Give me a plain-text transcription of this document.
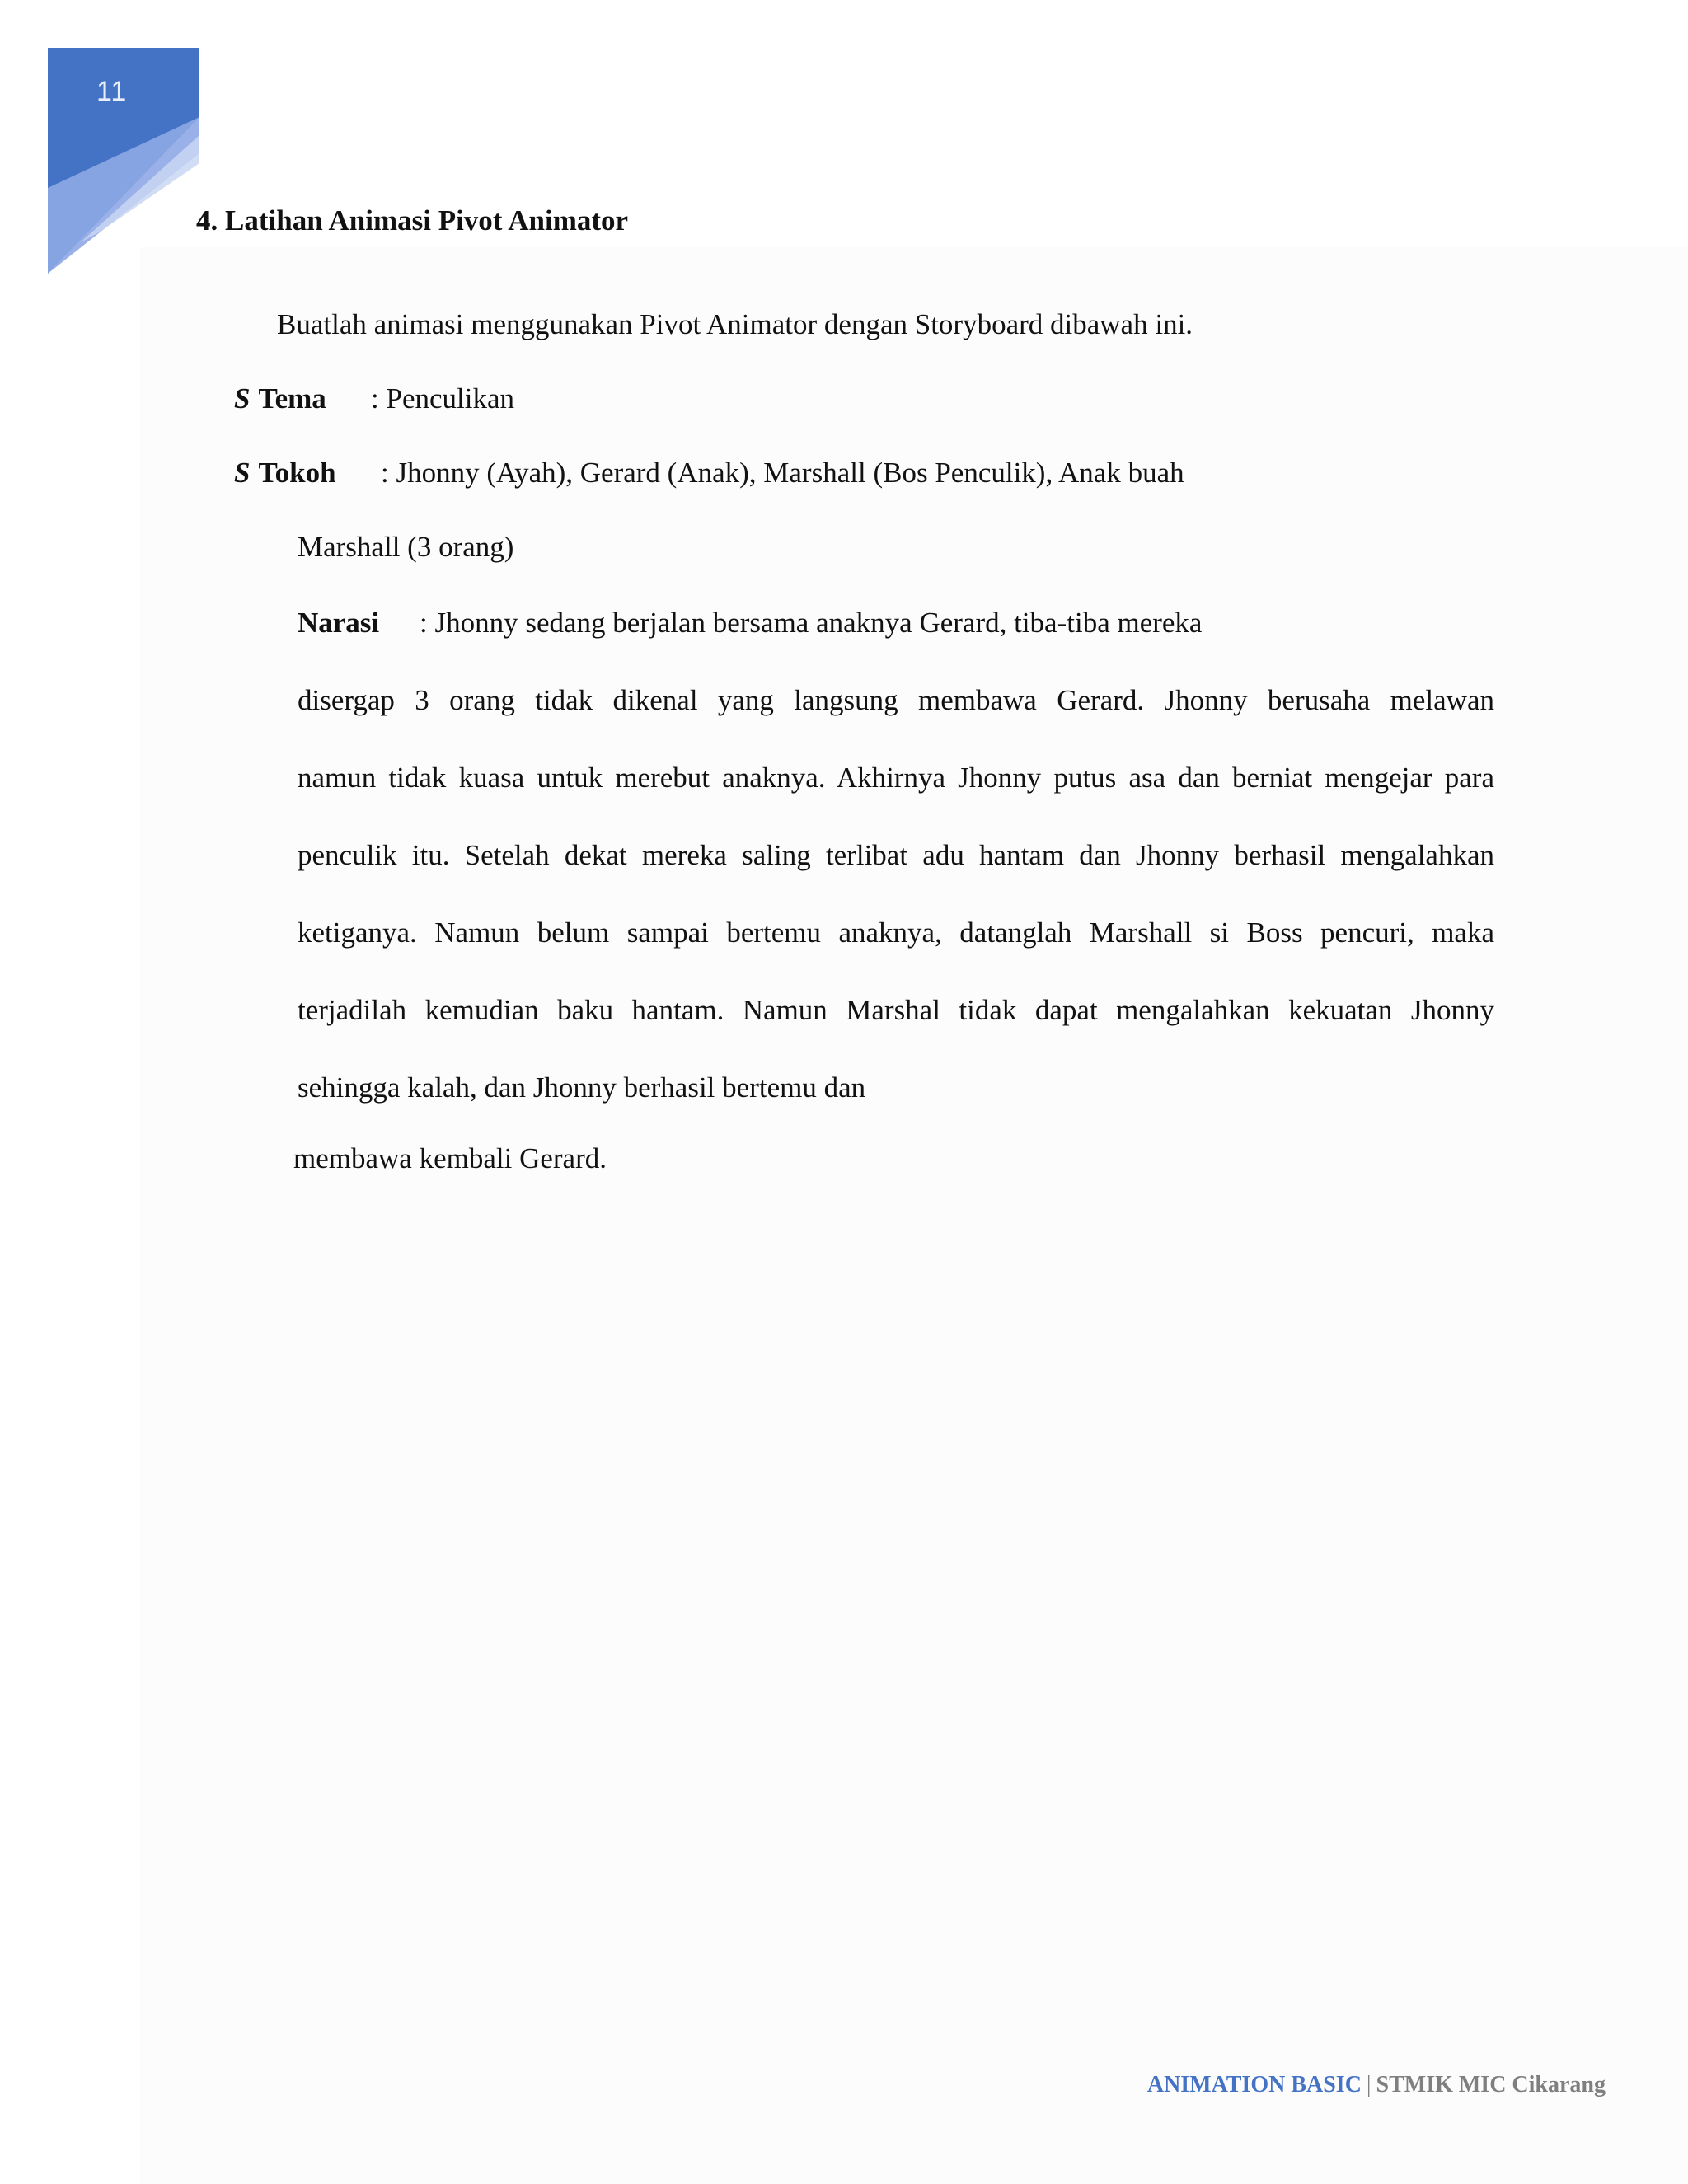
11
4. Latihan Animasi Pivot Animator
Buatlah animasi menggunakan Pivot Animator dengan Storyboard dibawah ini.
S Tema : Penculikan
S Tokoh : Jhonny (Ayah), Gerard (Anak), Marshall (Bos Penculik), Anak buah
Marshall (3 orang)
Narasi : Jhonny sedang berjalan bersama anaknya Gerard, tiba-tiba mereka
disergap 3 orang tidak dikenal yang langsung membawa Gerard. Jhonny berusaha melawan
namun tidak kuasa untuk merebut anaknya. Akhirnya Jhonny putus asa dan berniat mengejar para
penculik itu. Setelah dekat mereka saling terlibat adu hantam dan Jhonny berhasil mengalahkan
ketiganya. Namun belum sampai bertemu anaknya, datanglah Marshall si Boss pencuri, maka
terjadilah kemudian baku hantam. Namun Marshal tidak dapat mengalahkan kekuatan Jhonny
sehingga kalah, dan Jhonny berhasil bertemu dan
membawa kembali Gerard.
ANIMATION BASIC | STMIK MIC Cikarang
